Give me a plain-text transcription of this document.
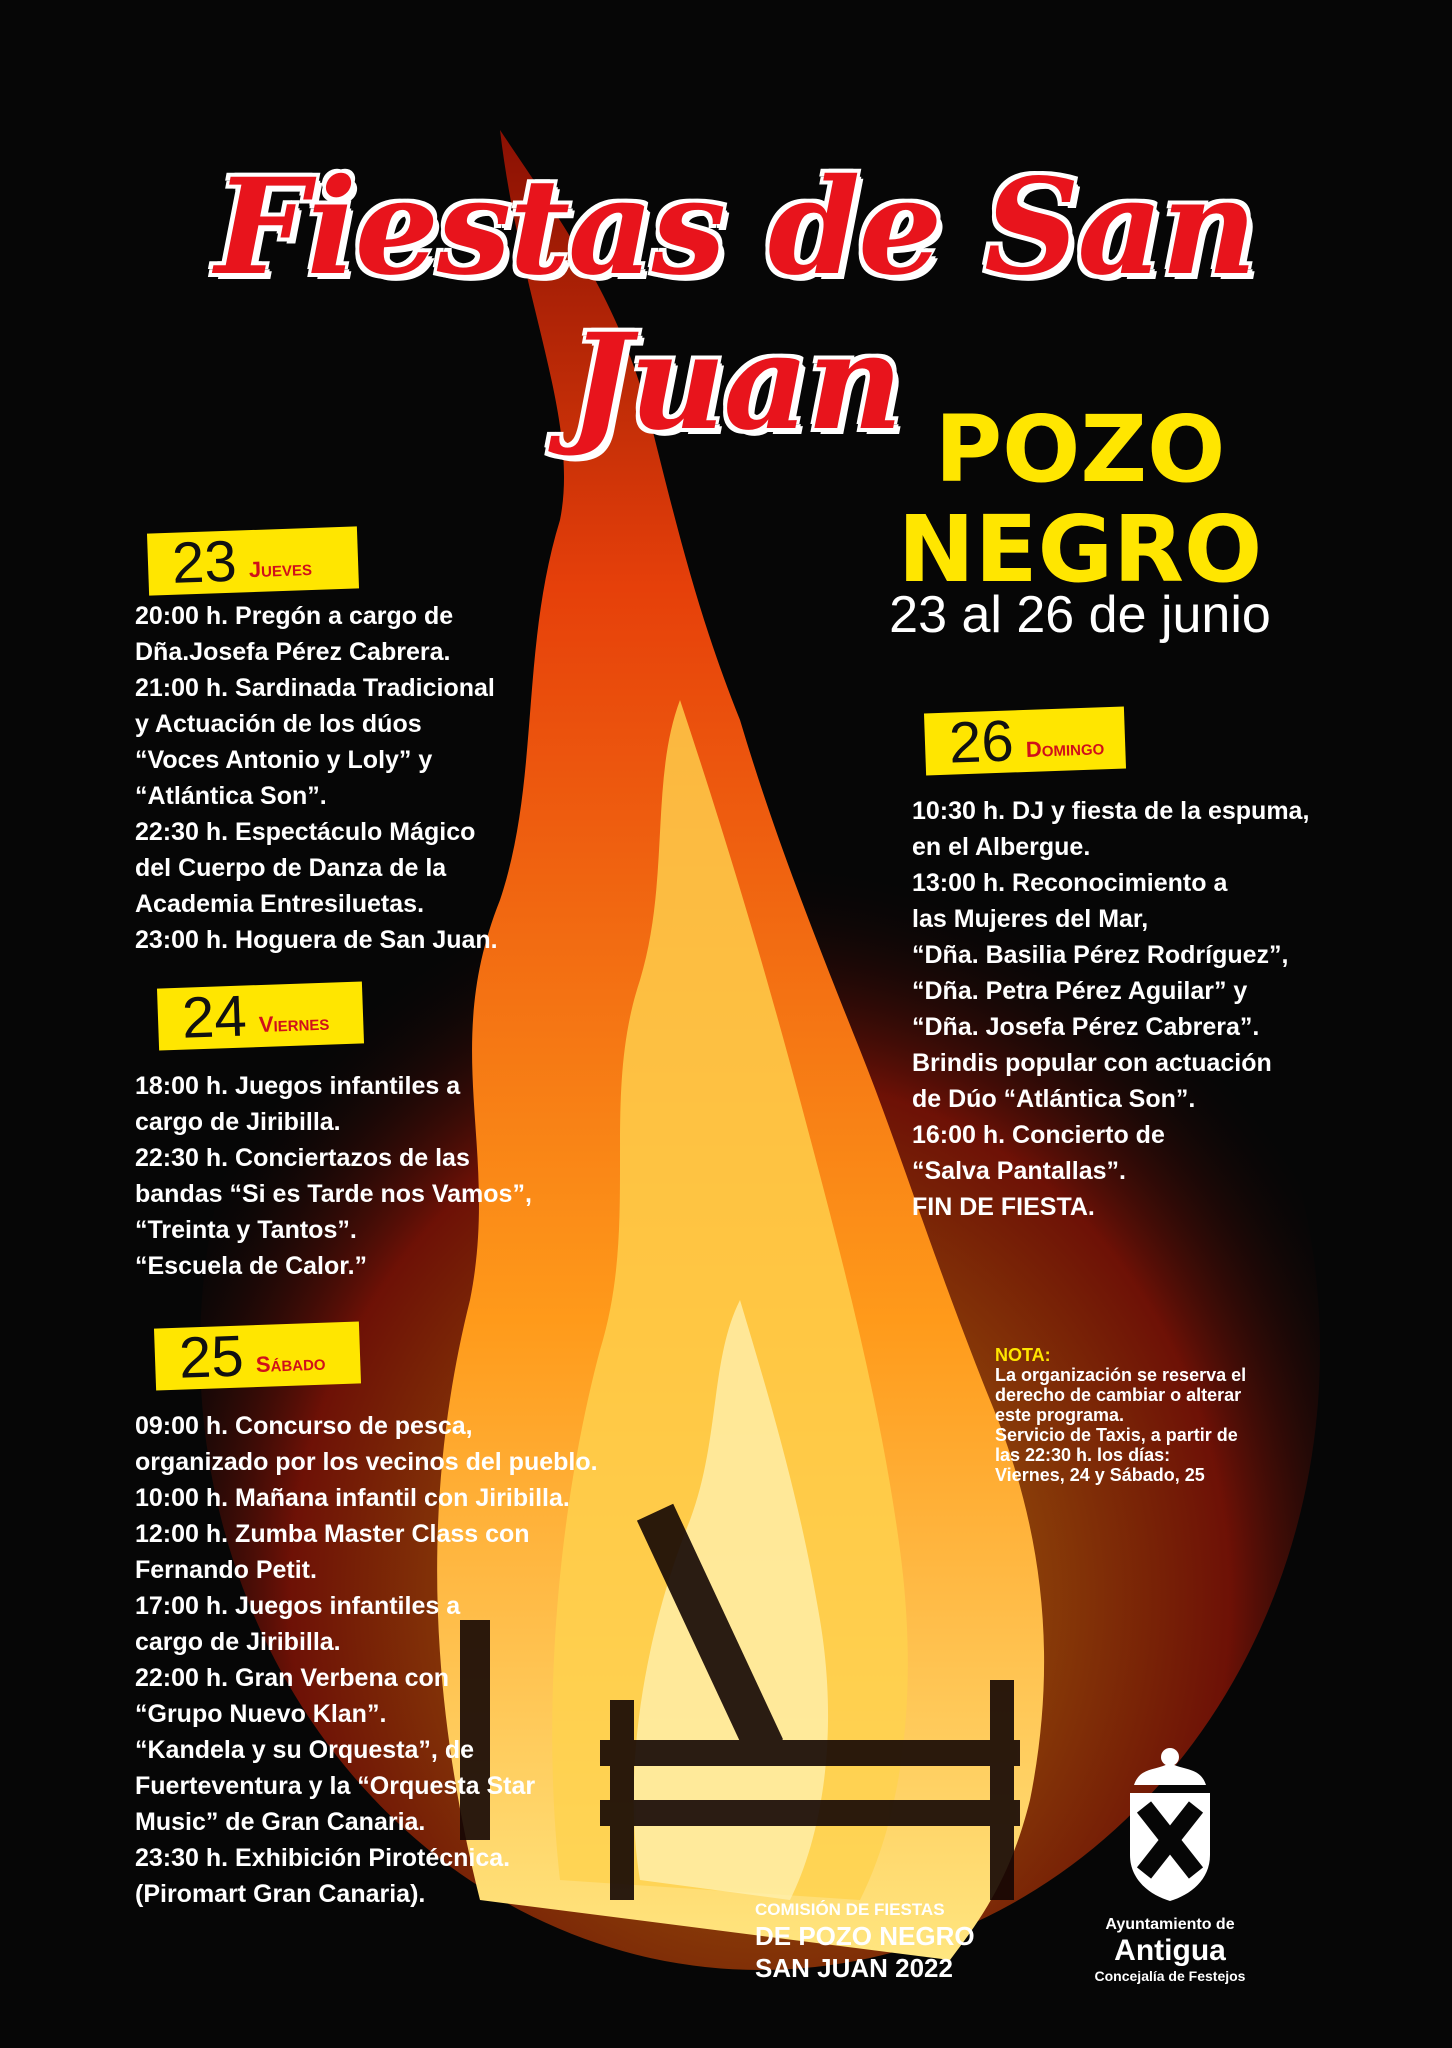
Fiestas de San Juan POZO
NEGRO
23 al 26 de junio
23 Jueves
20:00 h. Pregón a cargo de
Dña.Josefa Pérez Cabrera.
21:00 h. Sardinada Tradicional
y Actuación de los dúos
“Voces Antonio y Loly” y
“Atlántica Son”.
22:30 h. Espectáculo Mágico
del Cuerpo de Danza de la
Academia Entresiluetas.
23:00 h. Hoguera de San Juan.
24 Viernes
18:00 h. Juegos infantiles a
cargo de Jiribilla.
22:30 h. Conciertazos de las
bandas “Si es Tarde nos Vamos”,
“Treinta y Tantos”.
“Escuela de Calor.”
25 Sábado
09:00 h. Concurso de pesca,
organizado por los vecinos del pueblo.
10:00 h. Mañana infantil con Jiribilla.
12:00 h. Zumba Master Class con
Fernando Petit.
17:00 h. Juegos infantiles a
cargo de Jiribilla.
22:00 h. Gran Verbena con
“Grupo Nuevo Klan”.
“Kandela y su Orquesta”, de
Fuerteventura y la “Orquesta Star
Music” de Gran Canaria.
23:30 h. Exhibición Pirotécnica.
(Piromart Gran Canaria).
26 Domingo
10:30 h. DJ y fiesta de la espuma,
en el Albergue.
13:00 h. Reconocimiento a
las Mujeres del Mar,
“Dña. Basilia Pérez Rodríguez”,
“Dña. Petra Pérez Aguilar” y
“Dña. Josefa Pérez Cabrera”.
Brindis popular con actuación
de Dúo “Atlántica Son”.
16:00 h. Concierto de
“Salva Pantallas”.
FIN DE FIESTA.
NOTA:
La organización se reserva el
derecho de cambiar o alterar
este programa.
Servicio de Taxis, a partir de
las 22:30 h. los días:
Viernes, 24 y Sábado, 25
COMISIÓN DE FIESTAS
DE POZO NEGRO
SAN JUAN 2022
Ayuntamiento de
Antigua
Concejalía de Festejos
